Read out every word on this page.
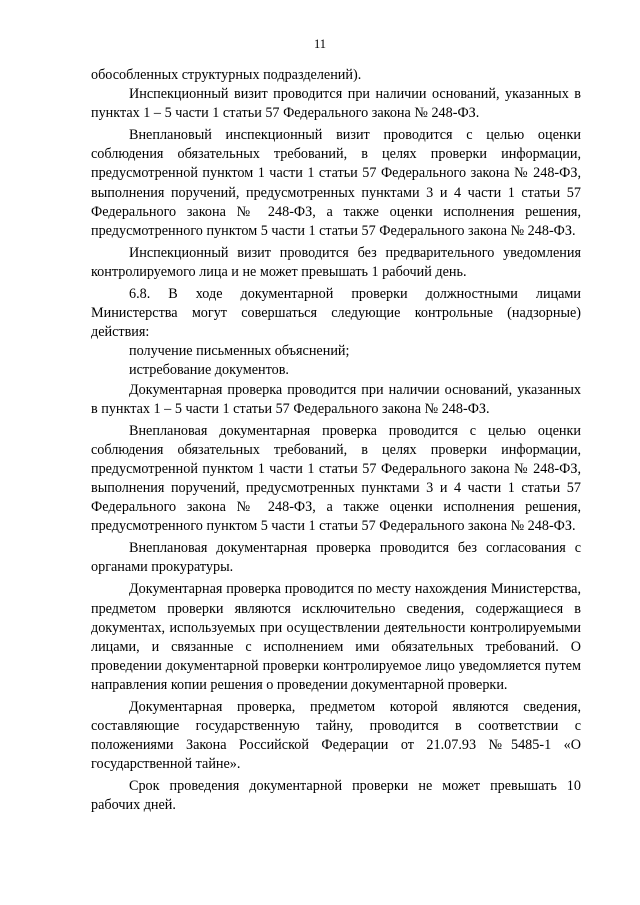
11

обособленных структурных подразделений).

Инспекционный визит проводится при наличии оснований, указанных в пунктах 1 – 5 части 1 статьи 57 Федерального закона № 248-ФЗ.

Внеплановый инспекционный визит проводится с целью оценки соблюдения обязательных требований, в целях проверки информации, предусмотренной пунктом 1 части 1 статьи 57 Федерального закона № 248-ФЗ, выполнения поручений, предусмотренных пунктами 3 и 4 части 1 статьи 57 Федерального закона № 248-ФЗ, а также оценки исполнения решения, предусмотренного пунктом 5 части 1 статьи 57 Федерального закона № 248-ФЗ.

Инспекционный визит проводится без предварительного уведомления контролируемого лица и не может превышать 1 рабочий день.

6.8. В ходе документарной проверки должностными лицами Министерства могут совершаться следующие контрольные (надзорные) действия:

получение письменных объяснений;

истребование документов.

Документарная проверка проводится при наличии оснований, указанных в пунктах 1 – 5 части 1 статьи 57 Федерального закона № 248-ФЗ.

Внеплановая документарная проверка проводится с целью оценки соблюдения обязательных требований, в целях проверки информации, предусмотренной пунктом 1 части 1 статьи 57 Федерального закона № 248-ФЗ, выполнения поручений, предусмотренных пунктами 3 и 4 части 1 статьи 57 Федерального закона № 248-ФЗ, а также оценки исполнения решения, предусмотренного пунктом 5 части 1 статьи 57 Федерального закона № 248-ФЗ.

Внеплановая документарная проверка проводится без согласования с органами прокуратуры.

Документарная проверка проводится по месту нахождения Министерства, предметом проверки являются исключительно сведения, содержащиеся в документах, используемых при осуществлении деятельности контролируемыми лицами, и связанные с исполнением ими обязательных требований. О проведении документарной проверки контролируемое лицо уведомляется путем направления копии решения о проведении документарной проверки.

Документарная проверка, предметом которой являются сведения, составляющие государственную тайну, проводится в соответствии с положениями Закона Российской Федерации от 21.07.93 №5485-1 «О государственной тайне».

Срок проведения документарной проверки не может превышать 10 рабочих дней.
